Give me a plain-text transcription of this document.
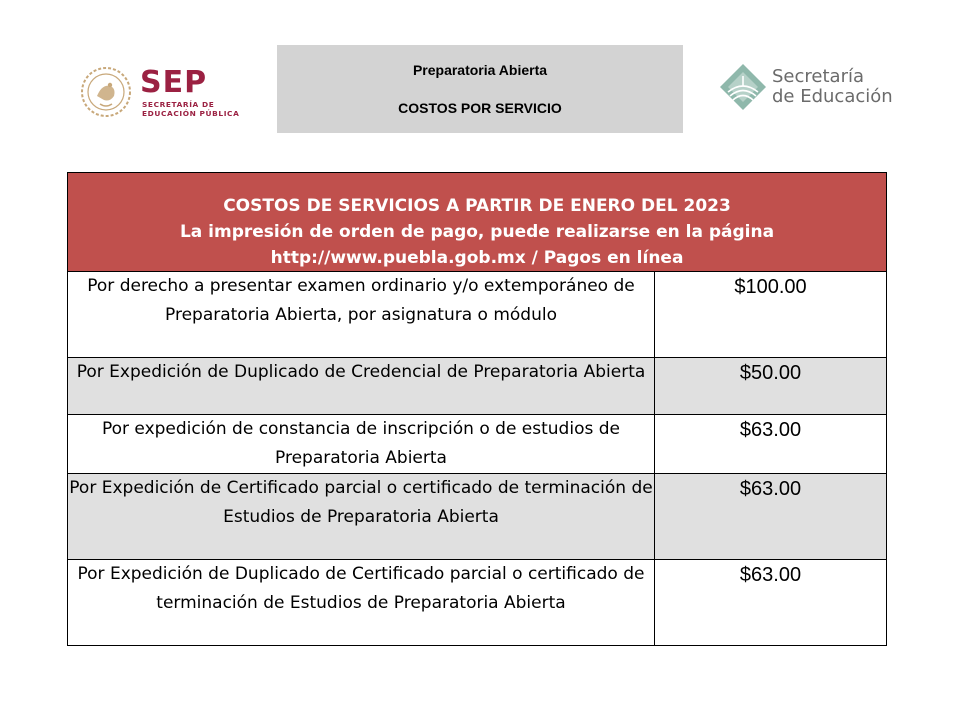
SEP
SECRETARÍA DE
EDUCACIÓN PÚBLICA
Preparatoria Abierta
COSTOS POR SERVICIO
Secretaría
de Educación
COSTOS DE SERVICIOS A PARTIR DE ENERO DEL 2023
La impresión de orden de pago, puede realizarse en la página
http://www.puebla.gob.mx / Pagos en línea	

Por derecho a presentar examen ordinario y/o extemporáneo de Preparatoria Abierta, por asignatura o módulo	$100.00
Por Expedición de Duplicado de Credencial de Preparatoria Abierta	$50.00
Por expedición de constancia de inscripción o de estudios de Preparatoria Abierta	$63.00
Por Expedición de Certificado parcial o certificado de terminación de Estudios de Preparatoria Abierta	$63.00
Por Expedición de Duplicado de Certificado parcial o certificado de terminación de Estudios de Preparatoria Abierta	$63.00
